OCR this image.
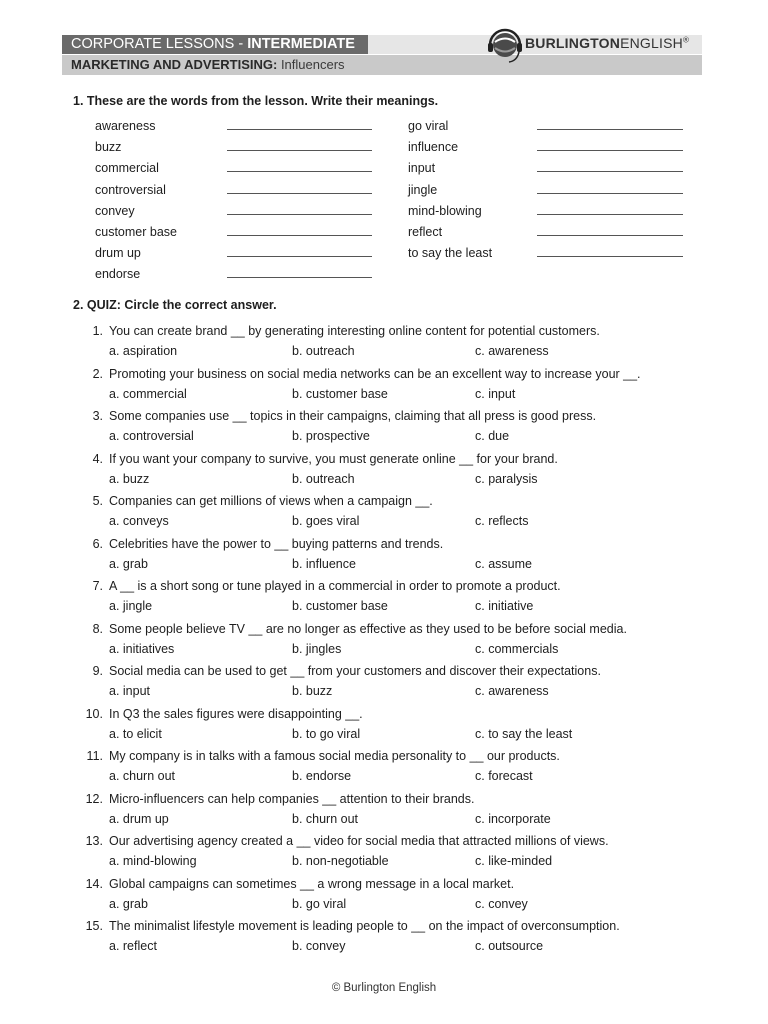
CORPORATE LESSONS - INTERMEDIATE
MARKETING AND ADVERTISING: Influencers
BURLINGTONENGLISH®
1. These are the words from the lesson. Write their meanings.
awareness
buzz
commercial
controversial
convey
customer base
drum up
endorse
go viral
influence
input
jingle
mind-blowing
reflect
to say the least
2. QUIZ: Circle the correct answer.
1. You can create brand __ by generating interesting online content for potential customers.
a. aspiration	b. outreach	c. awareness
2. Promoting your business on social media networks can be an excellent way to increase your __.
a. commercial	b. customer base	c. input
3. Some companies use __ topics in their campaigns, claiming that all press is good press.
a. controversial	b. prospective	c. due
4. If you want your company to survive, you must generate online __ for your brand.
a. buzz	b. outreach	c. paralysis
5. Companies can get millions of views when a campaign __.
a. conveys	b. goes viral	c. reflects
6. Celebrities have the power to __ buying patterns and trends.
a. grab	b. influence	c. assume
7. A __ is a short song or tune played in a commercial in order to promote a product.
a. jingle	b. customer base	c. initiative
8. Some people believe TV __ are no longer as effective as they used to be before social media.
a. initiatives	b. jingles	c. commercials
9. Social media can be used to get __ from your customers and discover their expectations.
a. input	b. buzz	c. awareness
10. In Q3 the sales figures were disappointing __.
a. to elicit	b. to go viral	c. to say the least
11. My company is in talks with a famous social media personality to __ our products.
a. churn out	b. endorse	c. forecast
12. Micro-influencers can help companies __ attention to their brands.
a. drum up	b. churn out	c. incorporate
13. Our advertising agency created a __ video for social media that attracted millions of views.
a. mind-blowing	b. non-negotiable	c. like-minded
14. Global campaigns can sometimes __ a wrong message in a local market.
a. grab	b. go viral	c. convey
15. The minimalist lifestyle movement is leading people to __ on the impact of overconsumption.
a. reflect	b. convey	c. outsource
© Burlington English
